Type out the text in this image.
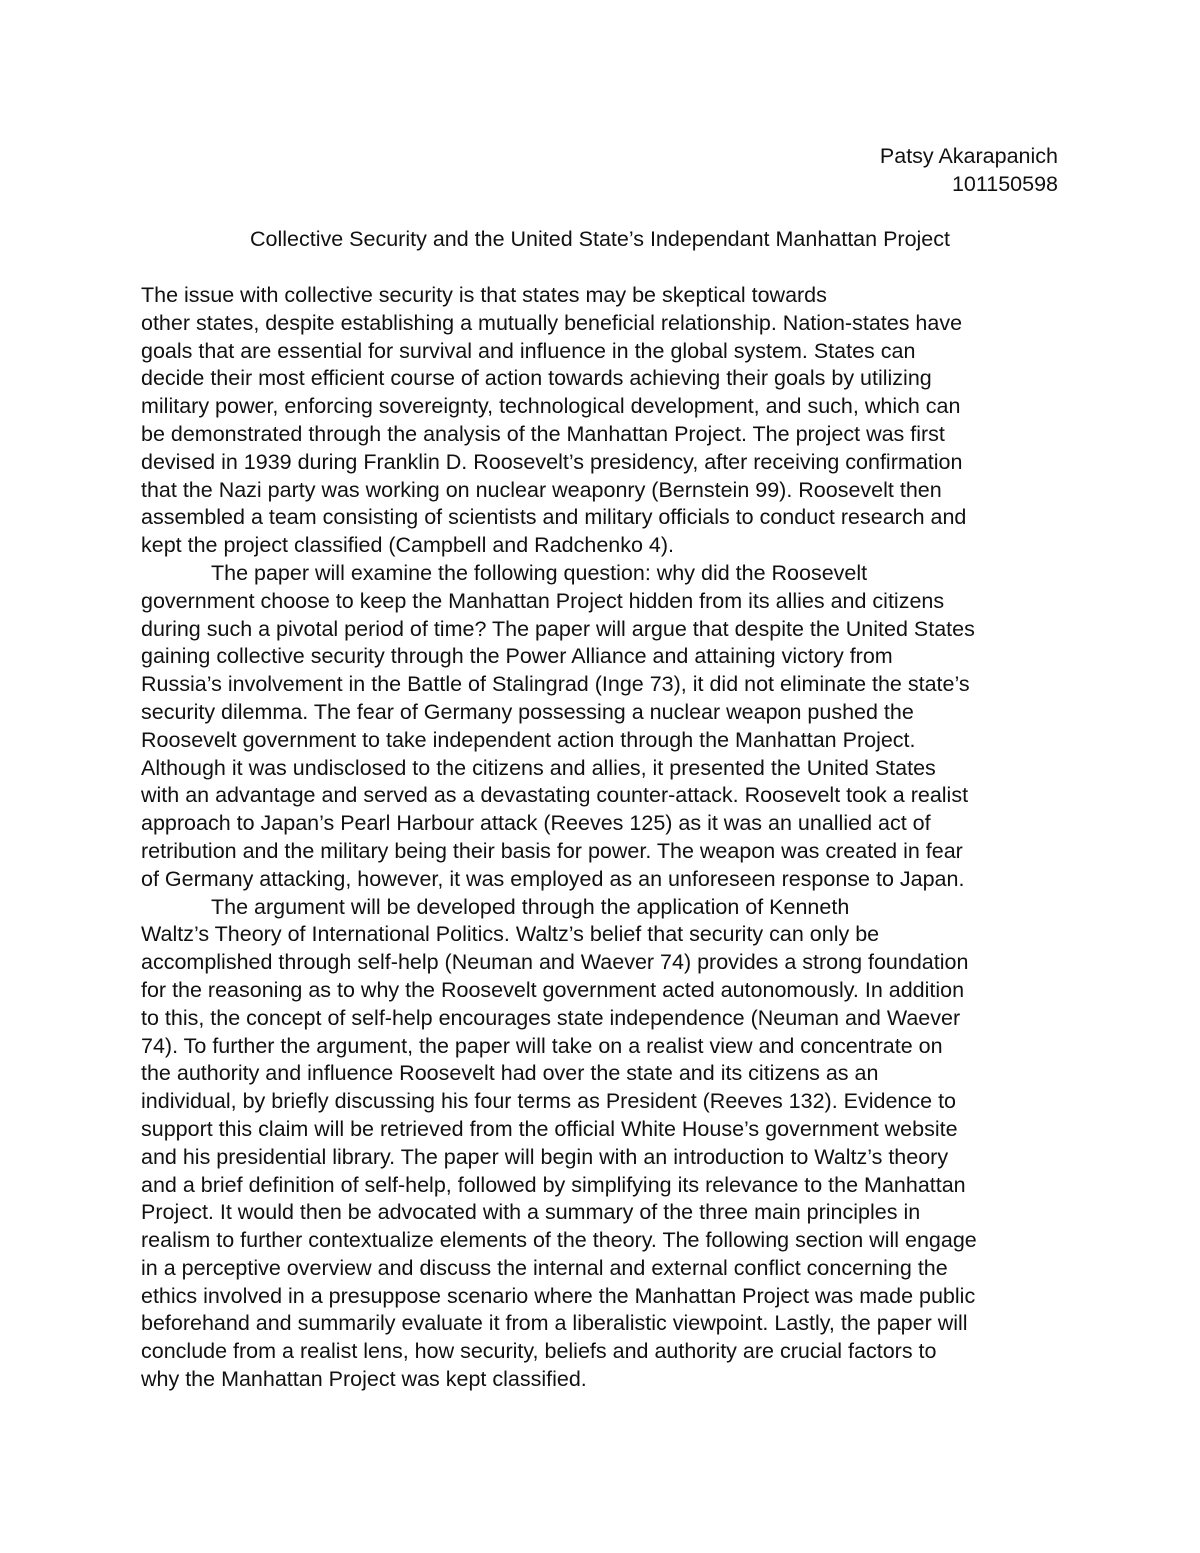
Patsy Akarapanich
101150598
Collective Security and the United State’s Independant Manhattan Project
The issue with collective security is that states may be skeptical towards
other states, despite establishing a mutually beneficial relationship. Nation-states have
goals that are essential for survival and influence in the global system. States can
decide their most efficient course of action towards achieving their goals by utilizing
military power, enforcing sovereignty, technological development, and such, which can
be demonstrated through the analysis of the Manhattan Project. The project was first
devised in 1939 during Franklin D. Roosevelt’s presidency, after receiving confirmation
that the Nazi party was working on nuclear weaponry (Bernstein 99). Roosevelt then
assembled a team consisting of scientists and military officials to conduct research and
kept the project classified (Campbell and Radchenko 4).
The paper will examine the following question: why did the Roosevelt
government choose to keep the Manhattan Project hidden from its allies and citizens
during such a pivotal period of time? The paper will argue that despite the United States
gaining collective security through the Power Alliance and attaining victory from
Russia’s involvement in the Battle of Stalingrad (Inge 73), it did not eliminate the state’s
security dilemma. The fear of Germany possessing a nuclear weapon pushed the
Roosevelt government to take independent action through the Manhattan Project.
Although it was undisclosed to the citizens and allies, it presented the United States
with an advantage and served as a devastating counter-attack. Roosevelt took a realist
approach to Japan’s Pearl Harbour attack (Reeves 125) as it was an unallied act of
retribution and the military being their basis for power. The weapon was created in fear
of Germany attacking, however, it was employed as an unforeseen response to Japan.
The argument will be developed through the application of Kenneth
Waltz’s Theory of International Politics. Waltz’s belief that security can only be
accomplished through self-help (Neuman and Waever 74) provides a strong foundation
for the reasoning as to why the Roosevelt government acted autonomously. In addition
to this, the concept of self-help encourages state independence (Neuman and Waever
74). To further the argument, the paper will take on a realist view and concentrate on
the authority and influence Roosevelt had over the state and its citizens as an
individual, by briefly discussing his four terms as President (Reeves 132). Evidence to
support this claim will be retrieved from the official White House’s government website
and his presidential library. The paper will begin with an introduction to Waltz’s theory
and a brief definition of self-help, followed by simplifying its relevance to the Manhattan
Project. It would then be advocated with a summary of the three main principles in
realism to further contextualize elements of the theory. The following section will engage
in a perceptive overview and discuss the internal and external conflict concerning the
ethics involved in a presuppose scenario where the Manhattan Project was made public
beforehand and summarily evaluate it from a liberalistic viewpoint. Lastly, the paper will
conclude from a realist lens, how security, beliefs and authority are crucial factors to
why the Manhattan Project was kept classified.
